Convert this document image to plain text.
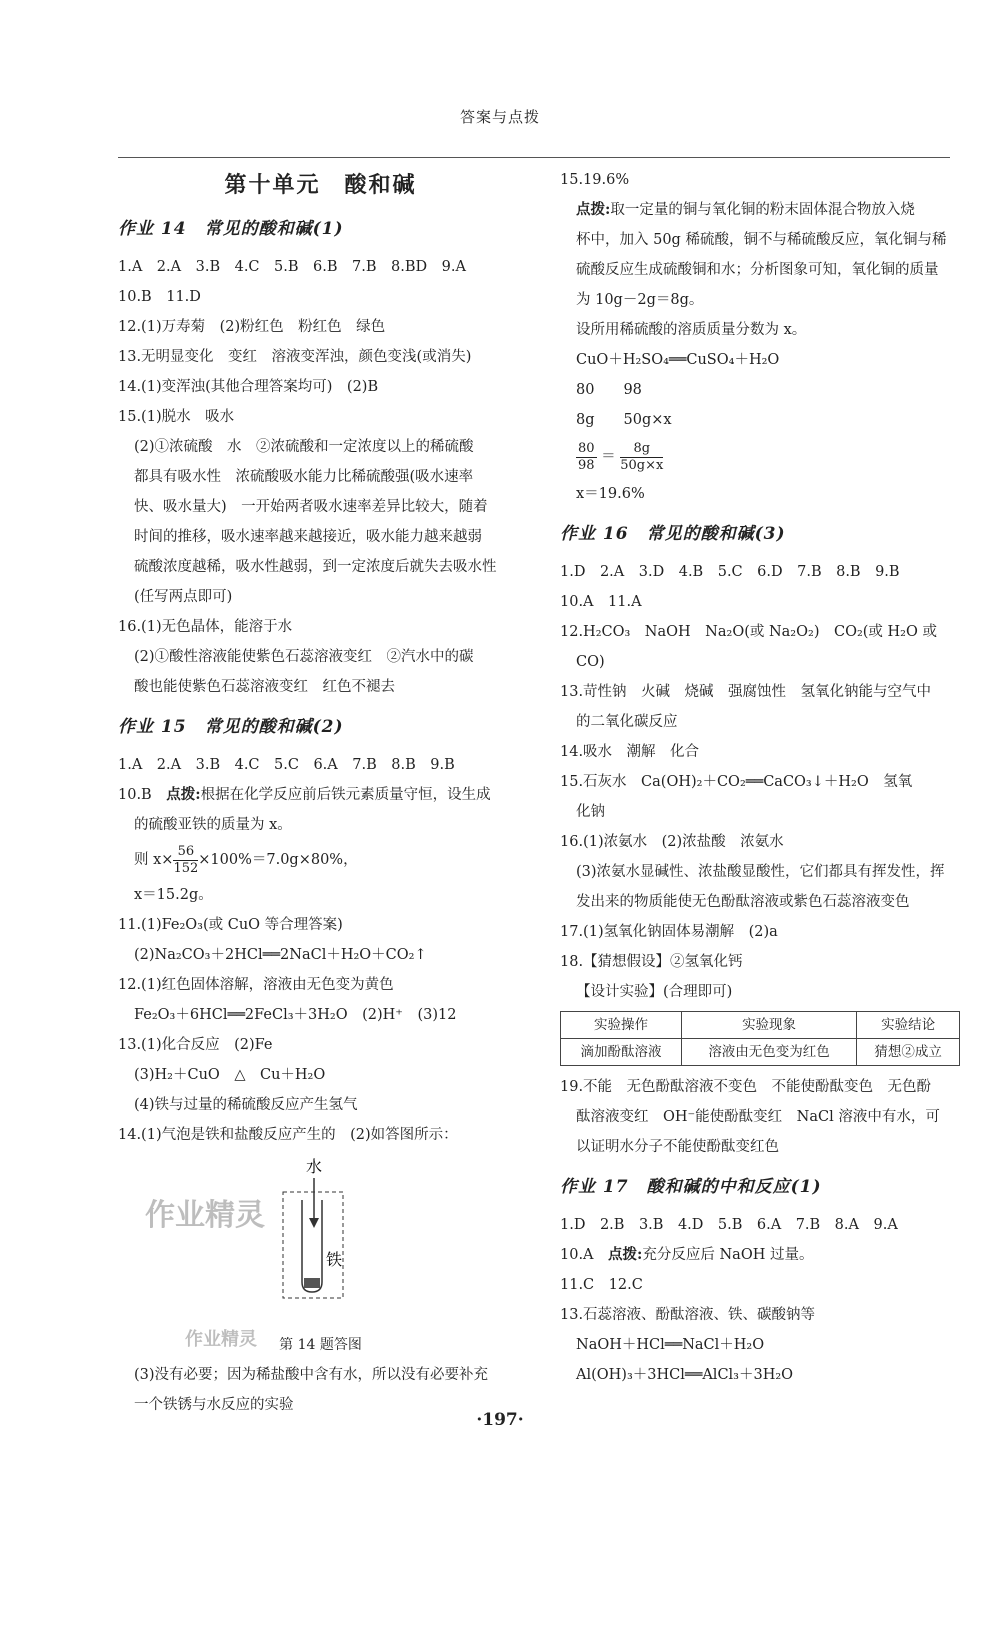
答案与点拨
第十单元　酸和碱
作业 14　常见的酸和碱(1)
1.A　2.A　3.B　4.C　5.B　6.B　7.B　8.BD　9.A
10.B　11.D
12.(1)万寿菊　(2)粉红色　粉红色　绿色
13.无明显变化　变红　溶液变浑浊，颜色变浅(或消失)
14.(1)变浑浊(其他合理答案均可)　(2)B
15.(1)脱水　吸水
(2)①浓硫酸　水　②浓硫酸和一定浓度以上的稀硫酸
都具有吸水性　浓硫酸吸水能力比稀硫酸强(吸水速率
快、吸水量大)　一开始两者吸水速率差异比较大，随着
时间的推移，吸水速率越来越接近，吸水能力越来越弱
硫酸浓度越稀，吸水性越弱，到一定浓度后就失去吸水性
(任写两点即可)
16.(1)无色晶体，能溶于水
(2)①酸性溶液能使紫色石蕊溶液变红　②汽水中的碳
酸也能使紫色石蕊溶液变红　红色不褪去
作业 15　常见的酸和碱(2)
1.A　2.A　3.B　4.C　5.C　6.A　7.B　8.B　9.B
10.B　点拨:根据在化学反应前后铁元素质量守恒，设生成
的硫酸亚铁的质量为 x。
则 $x\times \frac{56}{152} \times 100\%=7.0g\times 80\%$，
x＝15.2g。
11.(1)Fe₂O₃(或 CuO 等合理答案)
(2)Na₂CO₃＋2HCl══2NaCl＋H₂O＋CO₂↑
12.(1)红色固体溶解，溶液由无色变为黄色
Fe₂O₃＋6HCl══2FeCl₃＋3H₂O　(2)H⁺　(3)12
13.(1)化合反应　(2)Fe
(3)H₂＋CuO　△　Cu＋H₂O
(4)铁与过量的稀硫酸反应产生氢气
14.(1)气泡是铁和盐酸反应产生的　(2)如答图所示：
水
铁
第 14 题答图
(3)没有必要；因为稀盐酸中含有水，所以没有必要补充
一个铁锈与水反应的实验
15.19.6%
点拨:取一定量的铜与氧化铜的粉末固体混合物放入烧
杯中，加入 50g 稀硫酸，铜不与稀硫酸反应，氧化铜与稀
硫酸反应生成硫酸铜和水；分析图象可知，氧化铜的质量
为 10g－2g＝8g。
设所用稀硫酸的溶质质量分数为 x。
CuO＋H₂SO₄══CuSO₄＋H₂O
80　　98
8g　　50g×x
$\frac{80}{98} = \frac{8g}{50g\times x}$
x＝19.6%
作业 16　常见的酸和碱(3)
1.D　2.A　3.D　4.B　5.C　6.D　7.B　8.B　9.B
10.A　11.A
12.H₂CO₃　NaOH　Na₂O(或 Na₂O₂)　CO₂(或 H₂O 或
CO)
13.苛性钠　火碱　烧碱　强腐蚀性　氢氧化钠能与空气中
的二氧化碳反应
14.吸水　潮解　化合
15.石灰水　Ca(OH)₂＋CO₂══CaCO₃↓＋H₂O　氢氧
化钠
16.(1)浓氨水　(2)浓盐酸　浓氨水
(3)浓氨水显碱性、浓盐酸显酸性，它们都具有挥发性，挥
发出来的物质能使无色酚酞溶液或紫色石蕊溶液变色
17.(1)氢氧化钠固体易潮解　(2)a
18.【猜想假设】②氢氧化钙
【设计实验】(合理即可)
实验操作	实验现象	实验结论
滴加酚酞溶液	溶液由无色变为红色	猜想②成立
19.不能　无色酚酞溶液不变色　不能使酚酞变色　无色酚
酞溶液变红　OH⁻能使酚酞变红　NaCl 溶液中有水，可
以证明水分子不能使酚酞变红色
作业 17　酸和碱的中和反应(1)
1.D　2.B　3.B　4.D　5.B　6.A　7.B　8.A　9.A
10.A　点拨:充分反应后 NaOH 过量。
11.C　12.C
13.石蕊溶液、酚酞溶液、铁、碳酸钠等
NaOH＋HCl══NaCl＋H₂O
Al(OH)₃＋3HCl══AlCl₃＋3H₂O
·197·
作业精灵
作业精灵
